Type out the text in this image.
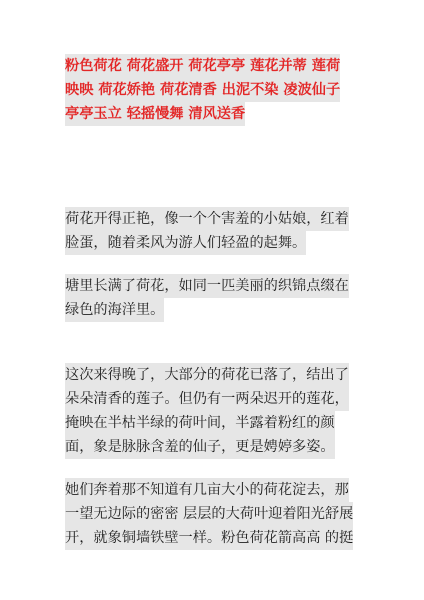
粉色荷花 荷花盛开 荷花亭亭 莲花并蒂 莲荷
映映 荷花娇艳 荷花清香 出泥不染 凌波仙子
亭亭玉立 轻摇慢舞 清风送香
荷花开得正艳，像一个个害羞的小姑娘，红着
脸蛋，随着柔风为游人们轻盈的起舞。
塘里长满了荷花，如同一匹美丽的织锦点缀在
绿色的海洋里。
这次来得晚了，大部分的荷花已落了，结出了
朵朵清香的莲子。但仍有一两朵迟开的莲花，
掩映在半枯半绿的荷叶间，半露着粉红的颜
面，象是脉脉含羞的仙子，更是娉婷多姿。
她们奔着那不知道有几亩大小的荷花淀去，那
一望无边际的密密 层层的大荷叶迎着阳光舒展
开，就象铜墙铁壁一样。粉色荷花箭高高 的挺
